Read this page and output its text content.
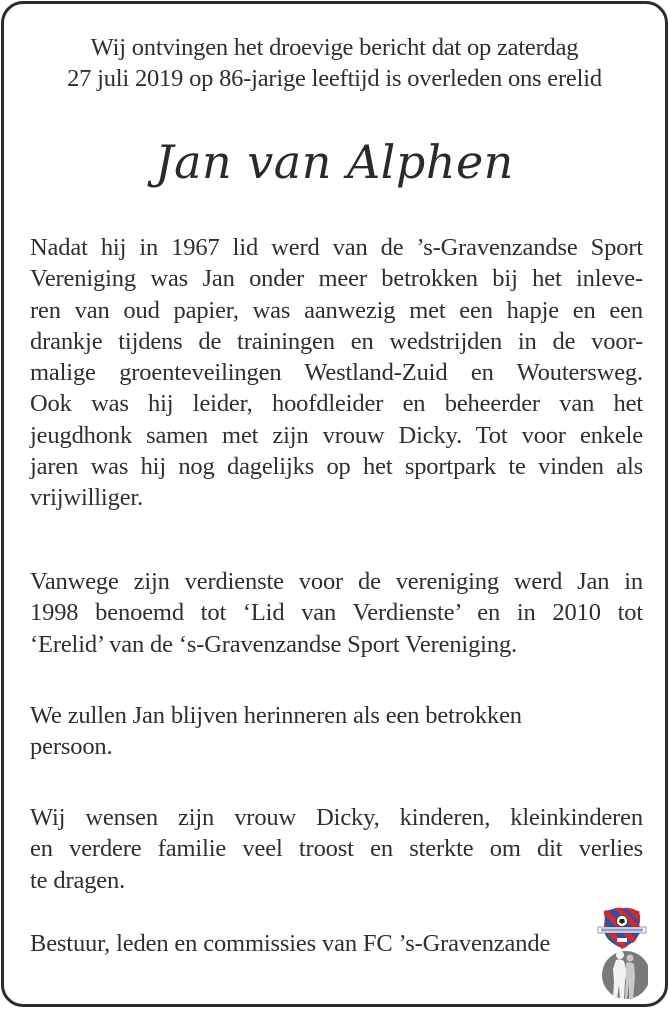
Wij ontvingen het droevige bericht dat op zaterdag
27 juli 2019 op 86-jarige leeftijd is overleden ons erelid
Jan van Alphen
Nadat hij in 1967 lid werd van de ’s-Gravenzandse Sport
Vereniging was Jan onder meer betrokken bij het inleve-
ren van oud papier, was aanwezig met een hapje en een
drankje tijdens de trainingen en wedstrijden in de voor-
malige groenteveilingen Westland-Zuid en Woutersweg.
Ook was hij leider, hoofdleider en beheerder van het
jeugdhonk samen met zijn vrouw Dicky. Tot voor enkele
jaren was hij nog dagelijks op het sportpark te vinden als
vrijwilliger.
Vanwege zijn verdienste voor de vereniging werd Jan in
1998 benoemd tot ‘Lid van Verdienste’ en in 2010 tot
‘Erelid’ van de ‘s-Gravenzandse Sport Vereniging.
We zullen Jan blijven herinneren als een betrokken
persoon.
Wij wensen zijn vrouw Dicky, kinderen, kleinkinderen
en verdere familie veel troost en sterkte om dit verlies
te dragen.
Bestuur, leden en commissies van FC ’s-Gravenzande
